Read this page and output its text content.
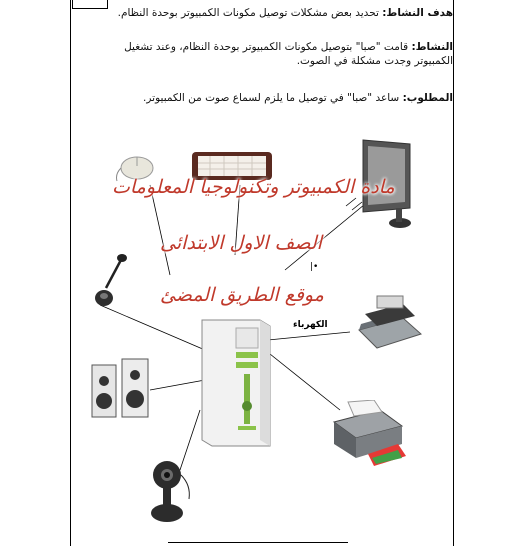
هدف النشاط: تحديد بعض مشكلات توصيل مكونات الكمبيوتر بوحدة النظام.
النشاط: قامت "صبا" بتوصيل مكونات الكمبيوتر بوحدة النظام، وعند تشغيل الكمبيوتر وجدت مشكلة في الصوت.
المطلوب: ساعد "صبا" في توصيل ما يلزم لسماع صوت من الكمبيوتر.
الكهرباء
•|
مادة الكمبيوتر وتكنولوجيا المعلومات
الصف الاول الابتدائى
موقع الطريق المضئ
